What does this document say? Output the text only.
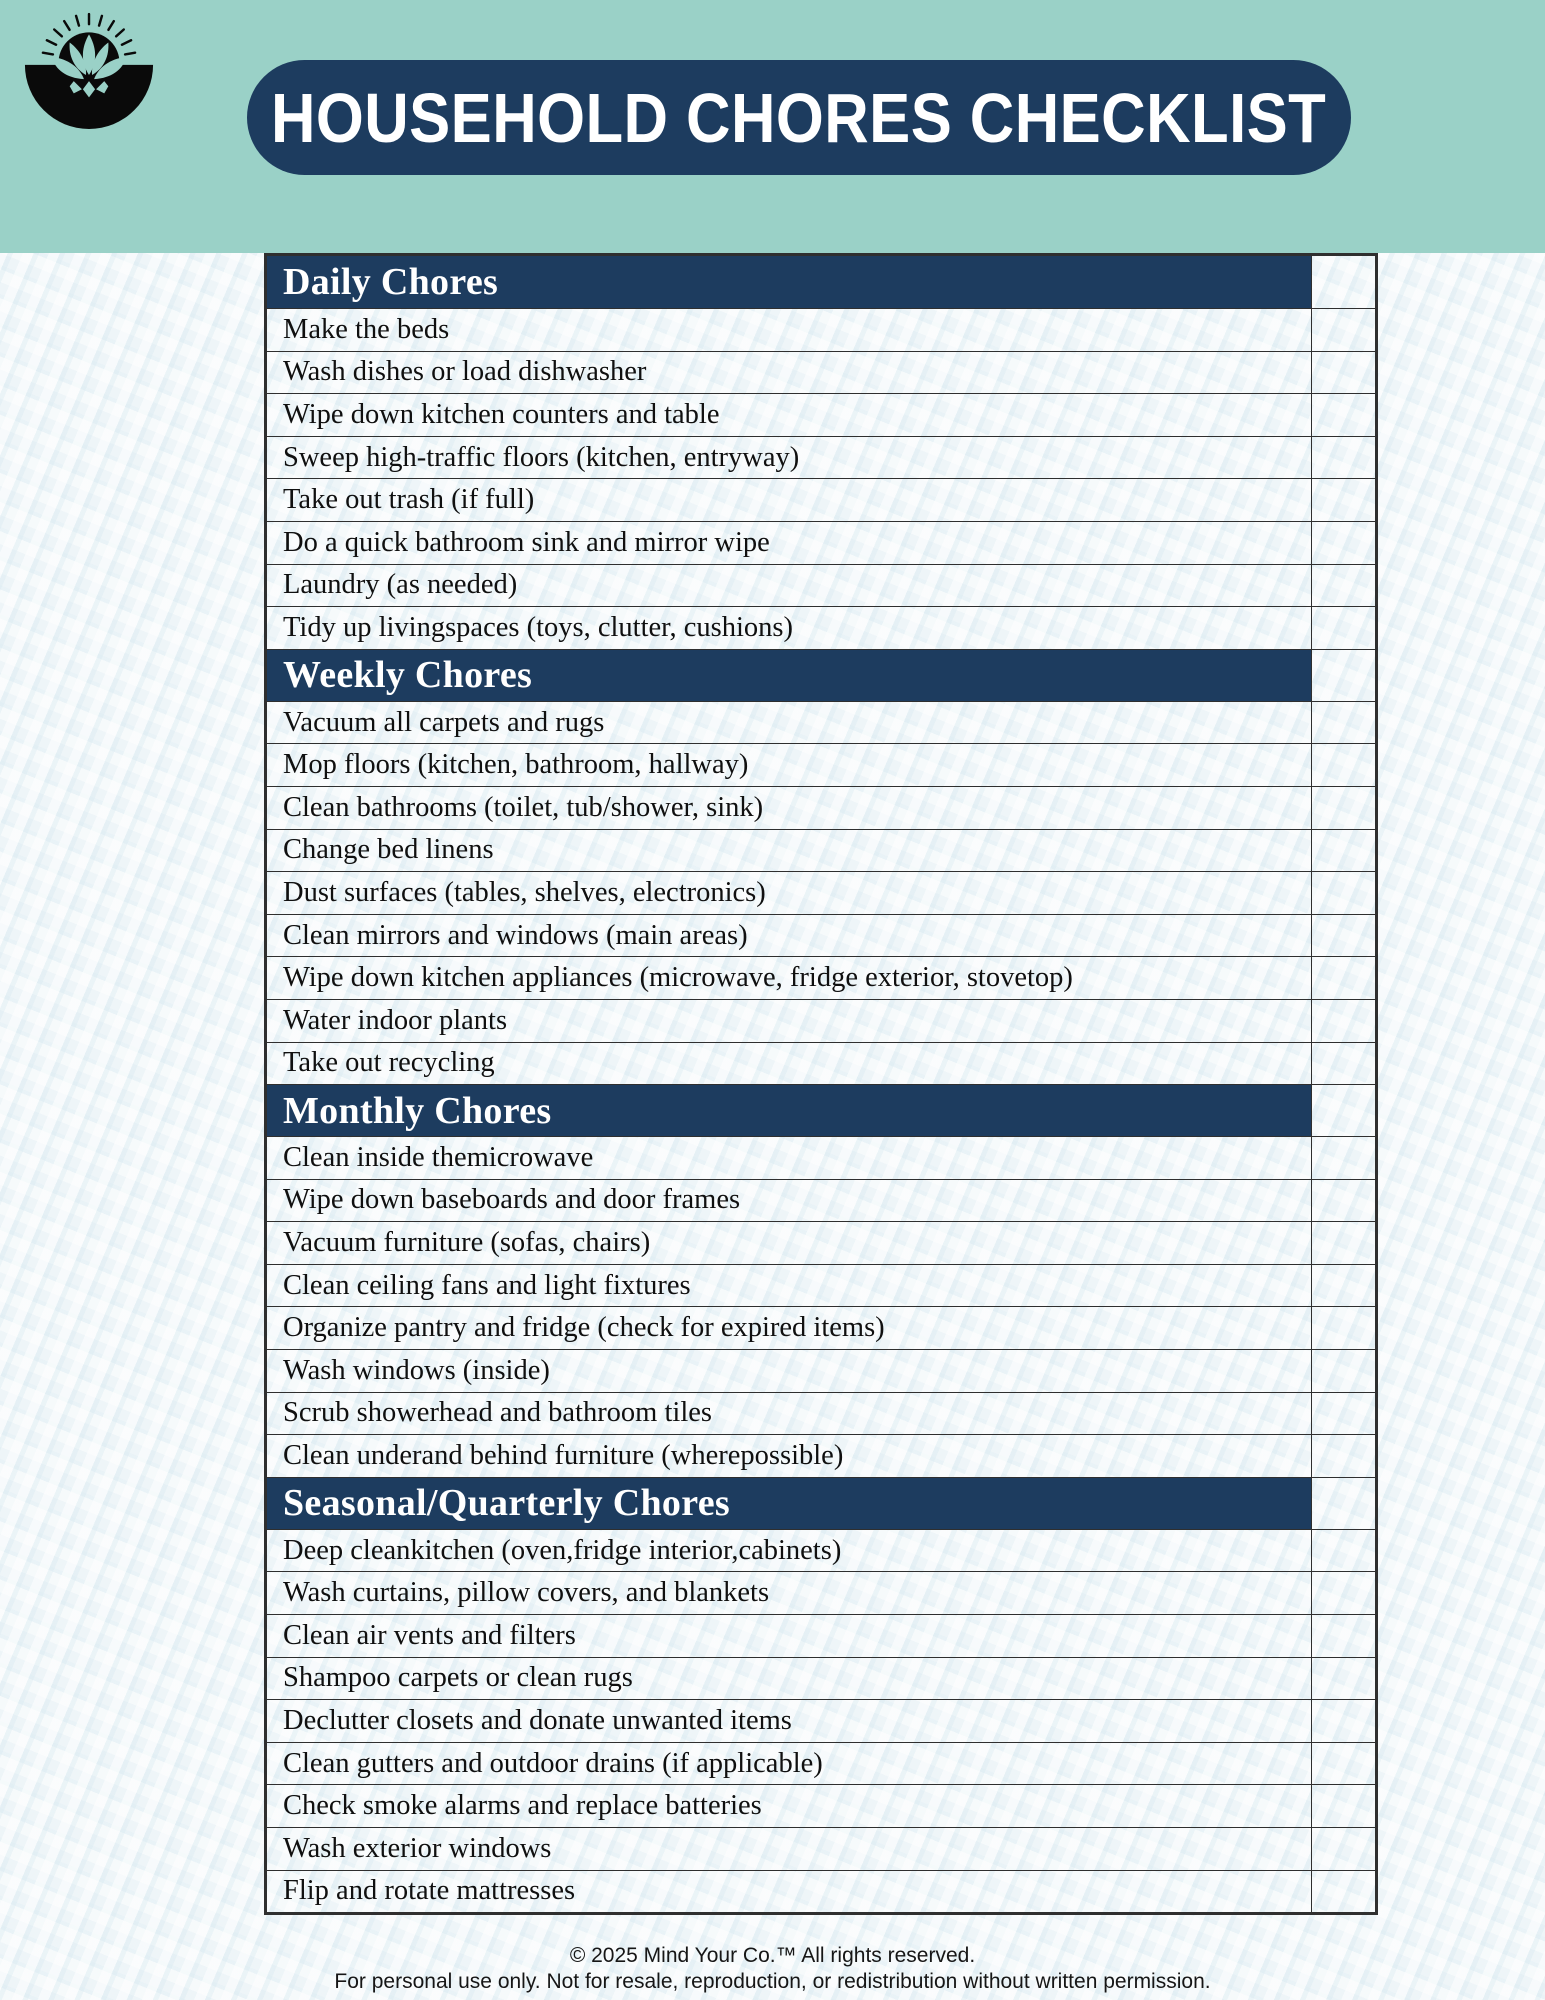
HOUSEHOLD CHORES CHECKLIST
Daily Chores
Make the beds
Wash dishes or load dishwasher
Wipe down kitchen counters and table
Sweep high-traffic floors (kitchen, entryway)
Take out trash (if full)
Do a quick bathroom sink and mirror wipe
Laundry (as needed)
Tidy up livingspaces (toys, clutter, cushions)
Weekly Chores
Vacuum all carpets and rugs
Mop floors (kitchen, bathroom, hallway)
Clean bathrooms (toilet, tub/shower, sink)
Change bed linens
Dust surfaces (tables, shelves, electronics)
Clean mirrors and windows (main areas)
Wipe down kitchen appliances (microwave, fridge exterior, stovetop)
Water indoor plants
Take out recycling
Monthly Chores
Clean inside themicrowave
Wipe down baseboards and door frames
Vacuum furniture (sofas, chairs)
Clean ceiling fans and light fixtures
Organize pantry and fridge (check for expired items)
Wash windows (inside)
Scrub showerhead and bathroom tiles
Clean underand behind furniture (wherepossible)
Seasonal/Quarterly Chores
Deep cleankitchen (oven,fridge interior,cabinets)
Wash curtains, pillow covers, and blankets
Clean air vents and filters
Shampoo carpets or clean rugs
Declutter closets and donate unwanted items
Clean gutters and outdoor drains (if applicable)
Check smoke alarms and replace batteries
Wash exterior windows
Flip and rotate mattresses
© 2025 Mind Your Co.™ All rights reserved.
For personal use only. Not for resale, reproduction, or redistribution without written permission.
